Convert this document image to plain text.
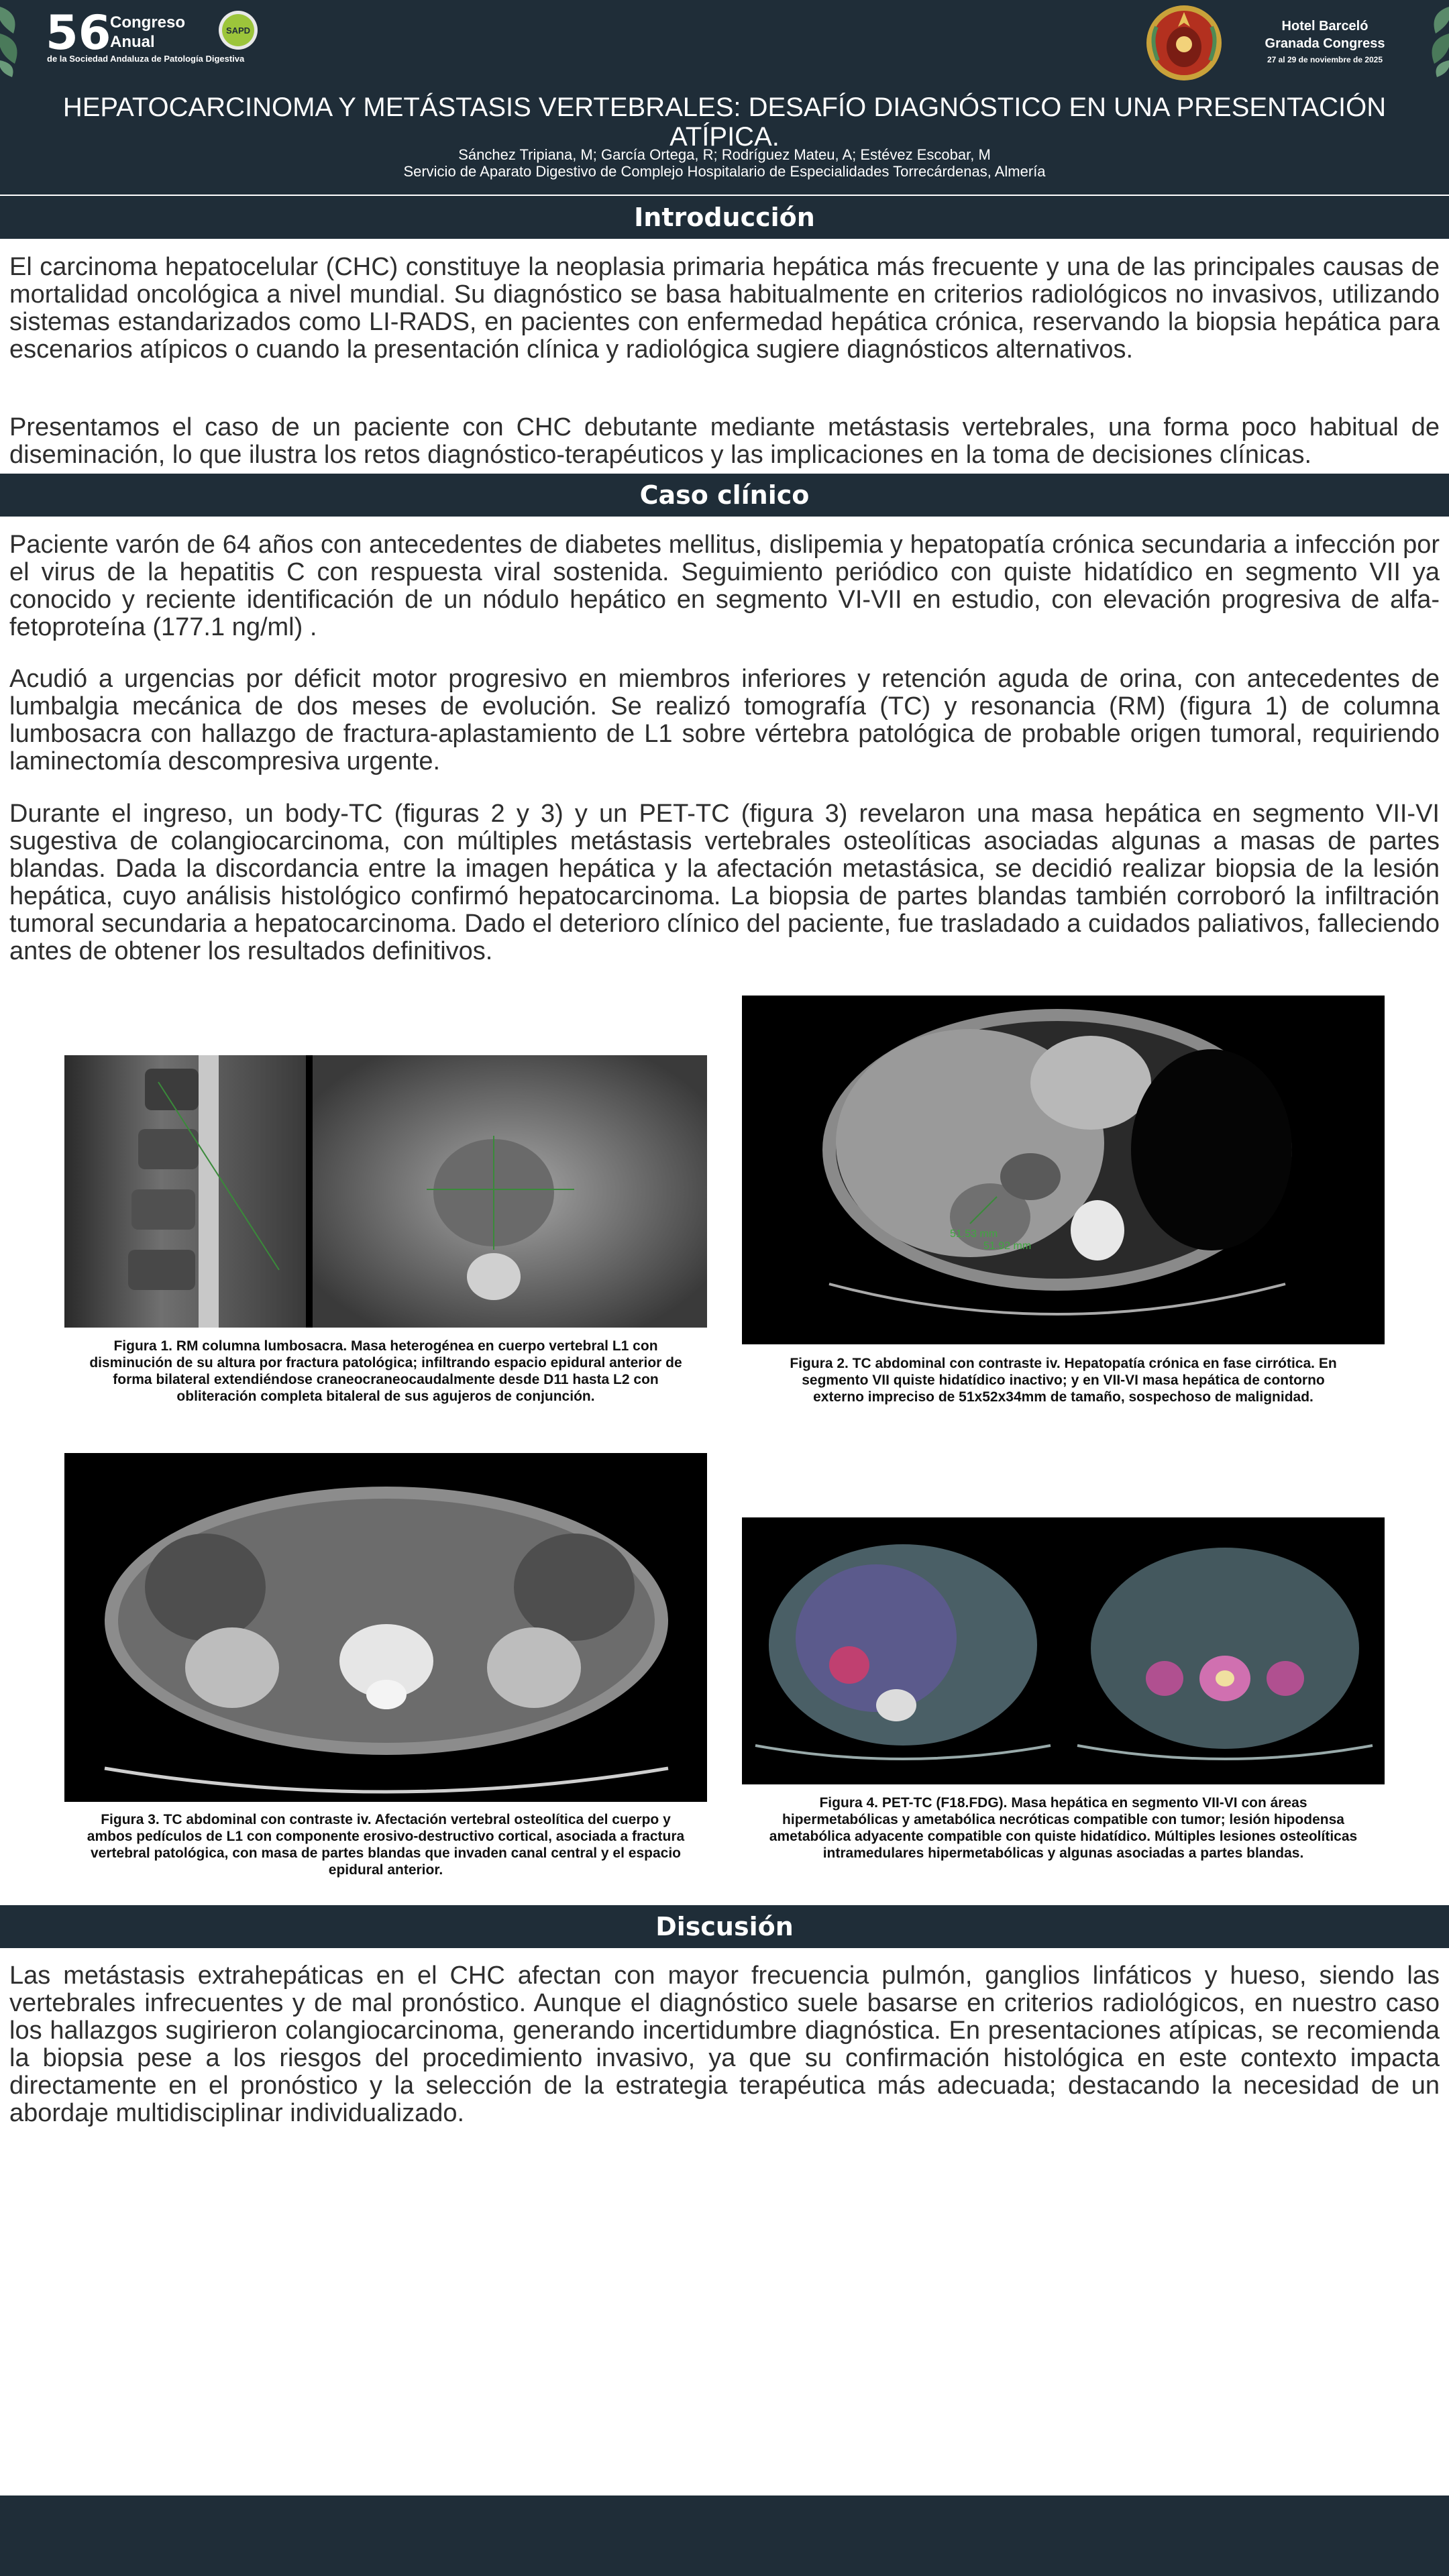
56
Congreso
Anual
de la Sociedad Andaluza de Patología Digestiva
SAPD	Hotel Barceló
Granada Congress
27 al 29 de noviembre de 2025
HEPATOCARCINOMA Y METÁSTASIS VERTEBRALES: DESAFÍO DIAGNÓSTICO EN UNA PRESENTACIÓN ATÍPICA.
Sánchez Tripiana, M; García Ortega, R; Rodríguez Mateu, A; Estévez Escobar, M
Servicio de Aparato Digestivo de Complejo Hospitalario de Especialidades Torrecárdenas, Almería
Introducción

El carcinoma hepatocelular (CHC) constituye la neoplasia primaria hepática más frecuente y una de las principales causas de mortalidad oncológica a nivel mundial. Su diagnóstico se basa habitualmente en criterios radiológicos no invasivos, utilizando sistemas estandarizados como LI-RADS, en pacientes con enfermedad hepática crónica, reservando la biopsia hepática para escenarios atípicos o cuando la presentación clínica y radiológica sugiere diagnósticos alternativos.

Presentamos el caso de un paciente con CHC debutante mediante metástasis vertebrales, una forma poco habitual de diseminación, lo que ilustra los retos diagnóstico-terapéuticos y las implicaciones en la toma de decisiones clínicas.

Caso clínico

Paciente varón de 64 años con antecedentes de diabetes mellitus, dislipemia y hepatopatía crónica secundaria a infección por el virus de la hepatitis C con respuesta viral sostenida. Seguimiento periódico con quiste hidatídico en segmento VII ya conocido y reciente identificación de un nódulo hepático en segmento VI-VII en estudio, con elevación progresiva de alfa-fetoproteína (177.1 ng/ml) .

Acudió a urgencias por déficit motor progresivo en miembros inferiores y retención aguda de orina, con antecedentes de lumbalgia mecánica de dos meses de evolución. Se realizó tomografía (TC) y resonancia (RM) (figura 1) de columna lumbosacra con hallazgo de fractura-aplastamiento de L1 sobre vértebra patológica de probable origen tumoral, requiriendo laminectomía descompresiva urgente.

Durante el ingreso, un body-TC (figuras 2 y 3) y un PET-TC (figura 3) revelaron una masa hepática en segmento VII-VI sugestiva de colangiocarcinoma, con múltiples metástasis vertebrales osteolíticas asociadas algunas a masas de partes blandas. Dada la discordancia entre la imagen hepática y la afectación metastásica, se decidió realizar biopsia de la lesión hepática, cuyo análisis histológico confirmó hepatocarcinoma. La biopsia de partes blandas también corroboró la infiltración tumoral secundaria a hepatocarcinoma. Dado el deterioro clínico del paciente, fue trasladado a cuidados paliativos, falleciendo antes de obtener los resultados definitivos.

Figura 1. RM columna lumbosacra. Masa heterogénea en cuerpo vertebral L1 con disminución de su altura por fractura patológica; infiltrando espacio epidural anterior de forma bilateral extendiéndose craneocraneocaudalmente desde D11 hasta L2 con obliteración completa bitaleral de sus agujeros de conjunción.

51.53 mm
51.92 mm

Figura 2. TC abdominal con contraste iv. Hepatopatía crónica en fase cirrótica. En segmento VII quiste hidatídico inactivo; y en VII-VI masa hepática de contorno externo impreciso de 51x52x34mm de tamaño, sospechoso de malignidad.

Figura 3. TC abdominal con contraste iv. Afectación vertebral osteolítica del cuerpo y ambos pedículos de L1 con componente erosivo-destructivo cortical, asociada a fractura vertebral patológica, con masa de partes blandas que invaden canal central y el espacio epidural anterior.

Figura 4. PET-TC (F18.FDG). Masa hepática en segmento VII-VI con áreas hipermetabólicas y ametabólica necróticas compatible con tumor; lesión hipodensa ametabólica adyacente compatible con quiste hidatídico. Múltiples lesiones osteolíticas intramedulares hipermetabólicas y algunas asociadas a partes blandas.

Discusión

Las metástasis extrahepáticas en el CHC afectan con mayor frecuencia pulmón, ganglios linfáticos y hueso, siendo las vertebrales infrecuentes y de mal pronóstico. Aunque el diagnóstico suele basarse en criterios radiológicos, en nuestro caso los hallazgos sugirieron colangiocarcinoma, generando incertidumbre diagnóstica. En presentaciones atípicas, se recomienda la biopsia pese a los riesgos del procedimiento invasivo, ya que su confirmación histológica en este contexto impacta directamente en el pronóstico y la selección de la estrategia terapéutica más adecuada; destacando la necesidad de un abordaje multidisciplinar individualizado.
